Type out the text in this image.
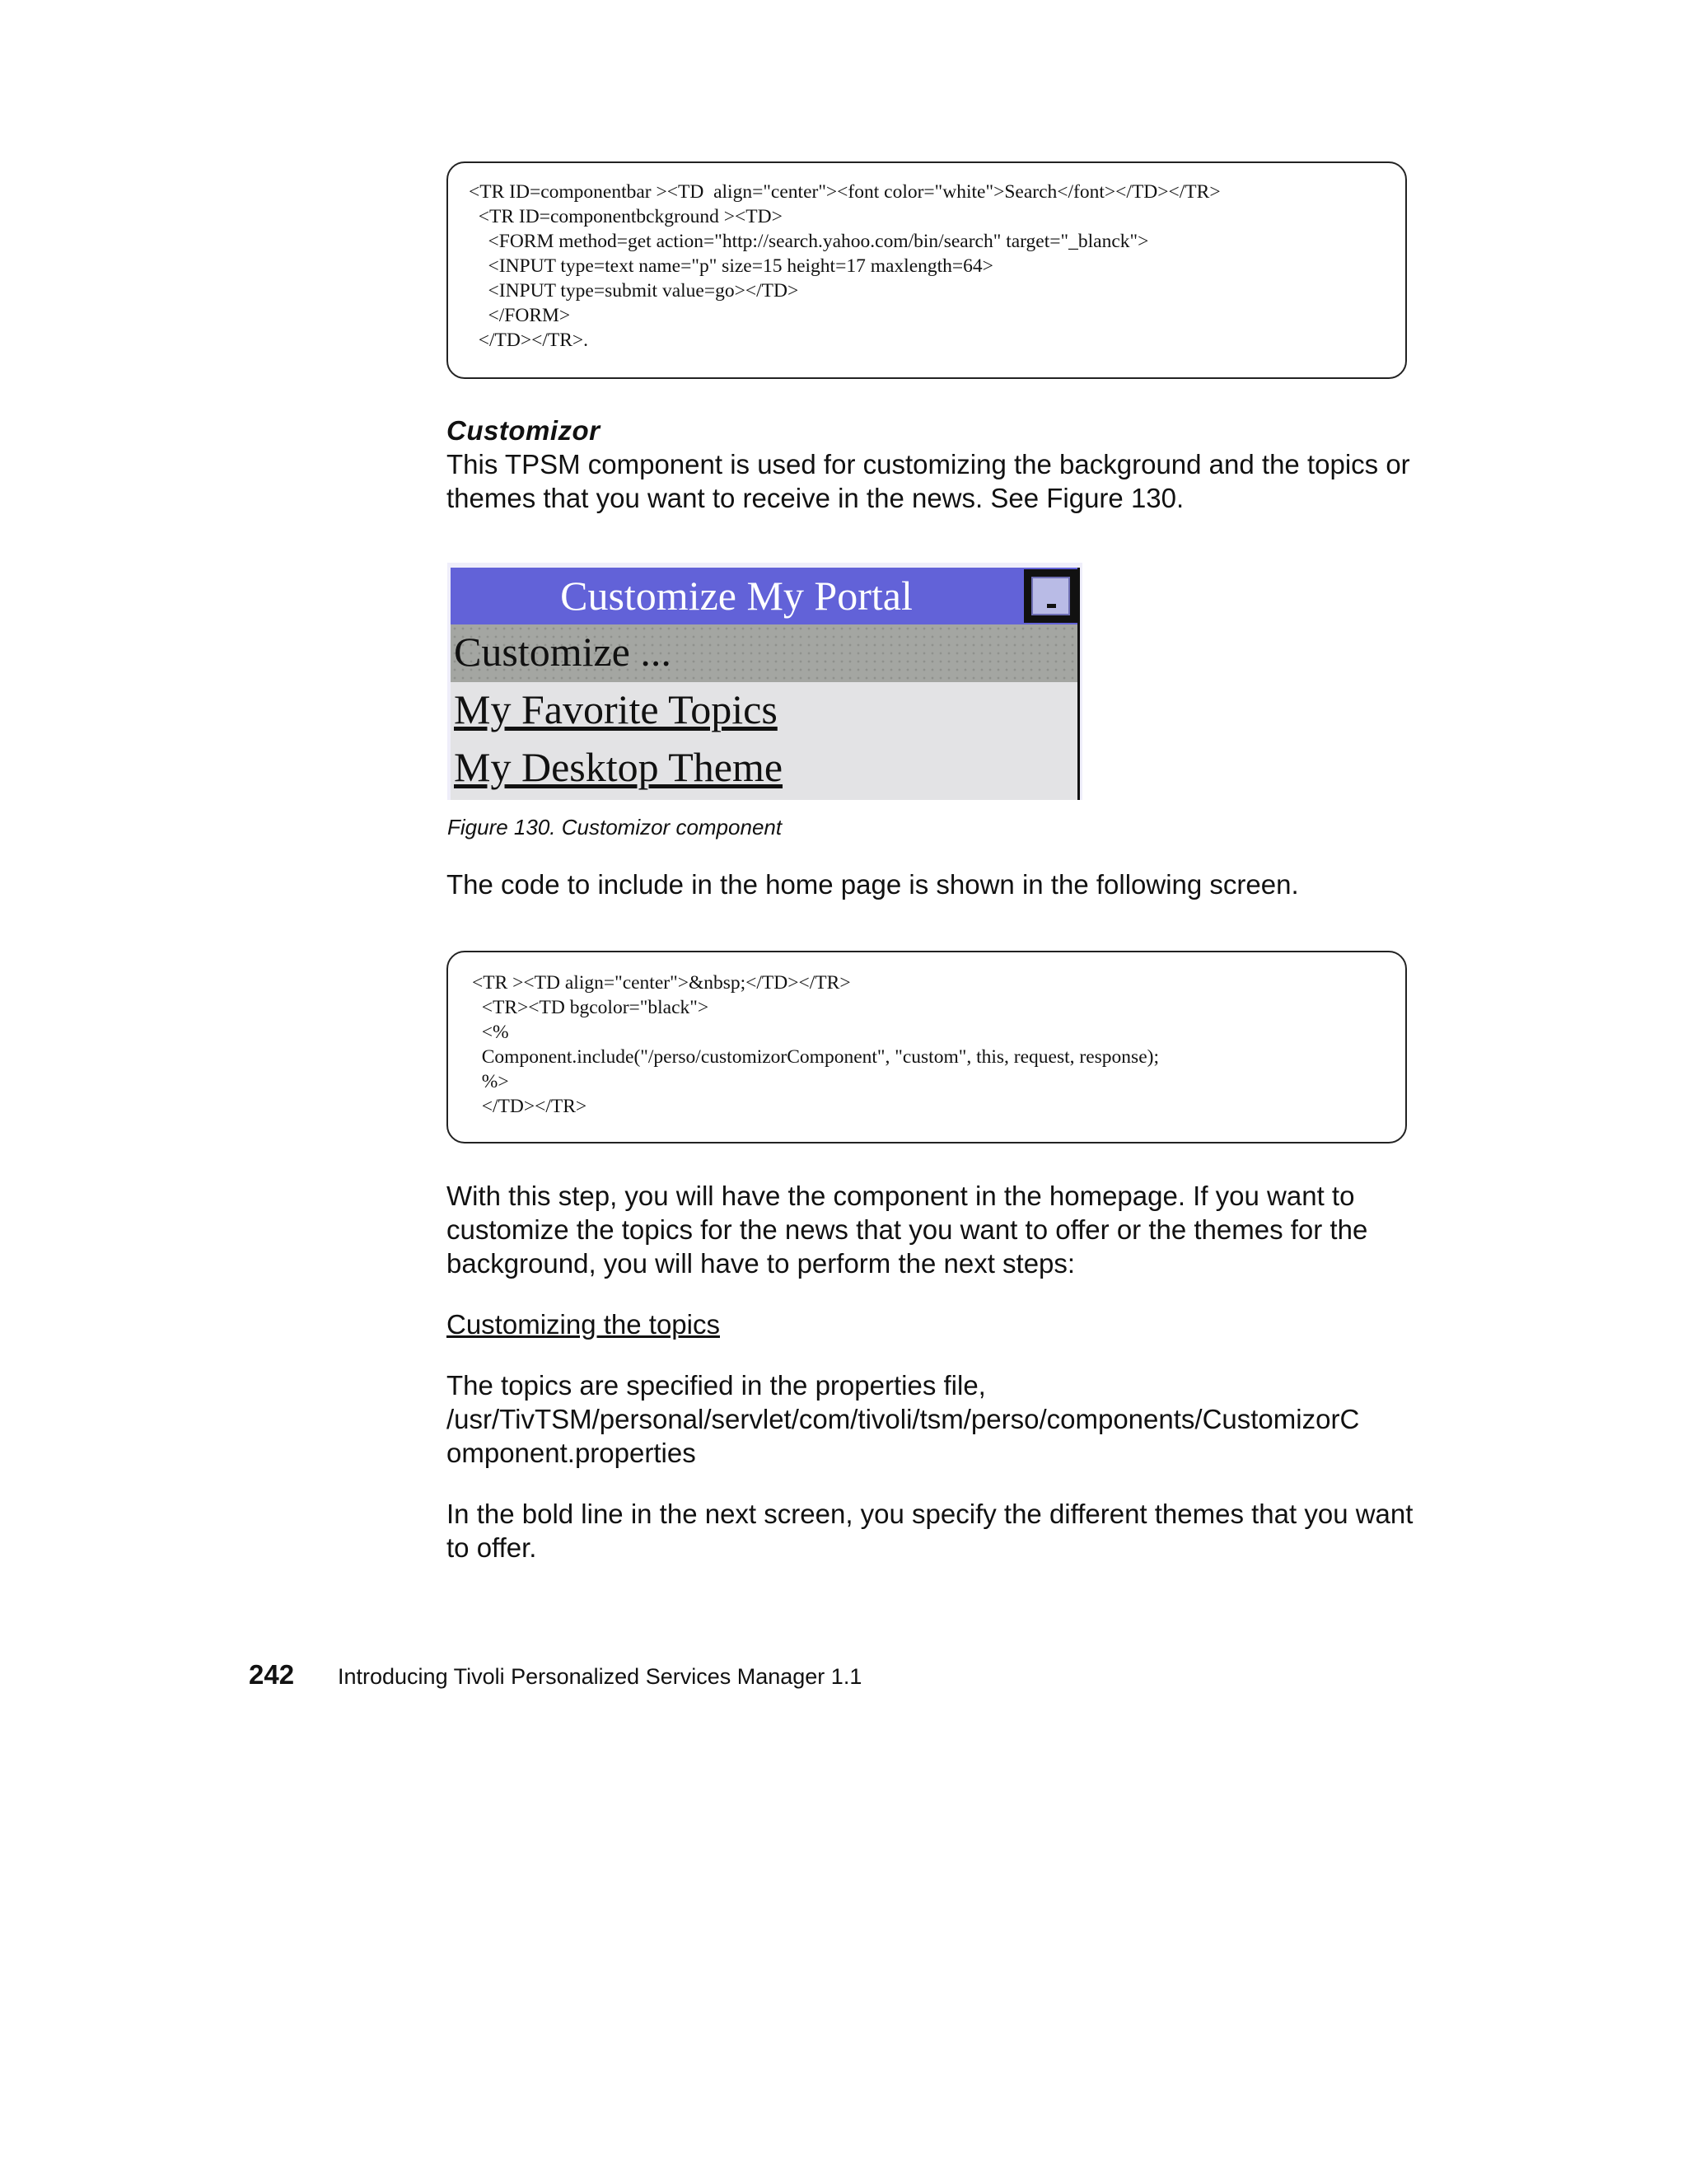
<TR ID=componentbar ><TD  align="center"><font color="white">Search</font></TD></TR>
<TR ID=componentbckground ><TD>
<FORM method=get action="http://search.yahoo.com/bin/search" target="_blanck">
<INPUT type=text name="p" size=15 height=17 maxlength=64>
<INPUT type=submit value=go></TD>
</FORM>
</TD></TR>.
Customizor

This TPSM component is used for customizing the background and the topics or themes that you want to receive in the news. See Figure 130.

Customize My Portal
Customize ...
My Favorite Topics
My Desktop Theme
Figure 130. Customizor component

The code to include in the home page is shown in the following screen.

<TR ><TD align="center">&nbsp;</TD></TR>
<TR><TD bgcolor="black">
<%
Component.include("/perso/customizorComponent", "custom", this, request, response);
%>
</TD></TR>

With this step, you will have the component in the homepage. If you want to customize the topics for the news that you want to offer or the themes for the background, you will have to perform the next steps:

Customizing the topics

The topics are specified in the properties file,
/usr/TivTSM/personal/servlet/com/tivoli/tsm/perso/components/CustomizorC
omponent.properties

In the bold line in the next screen, you specify the different themes that you want to offer.

242 Introducing Tivoli Personalized Services Manager 1.1
